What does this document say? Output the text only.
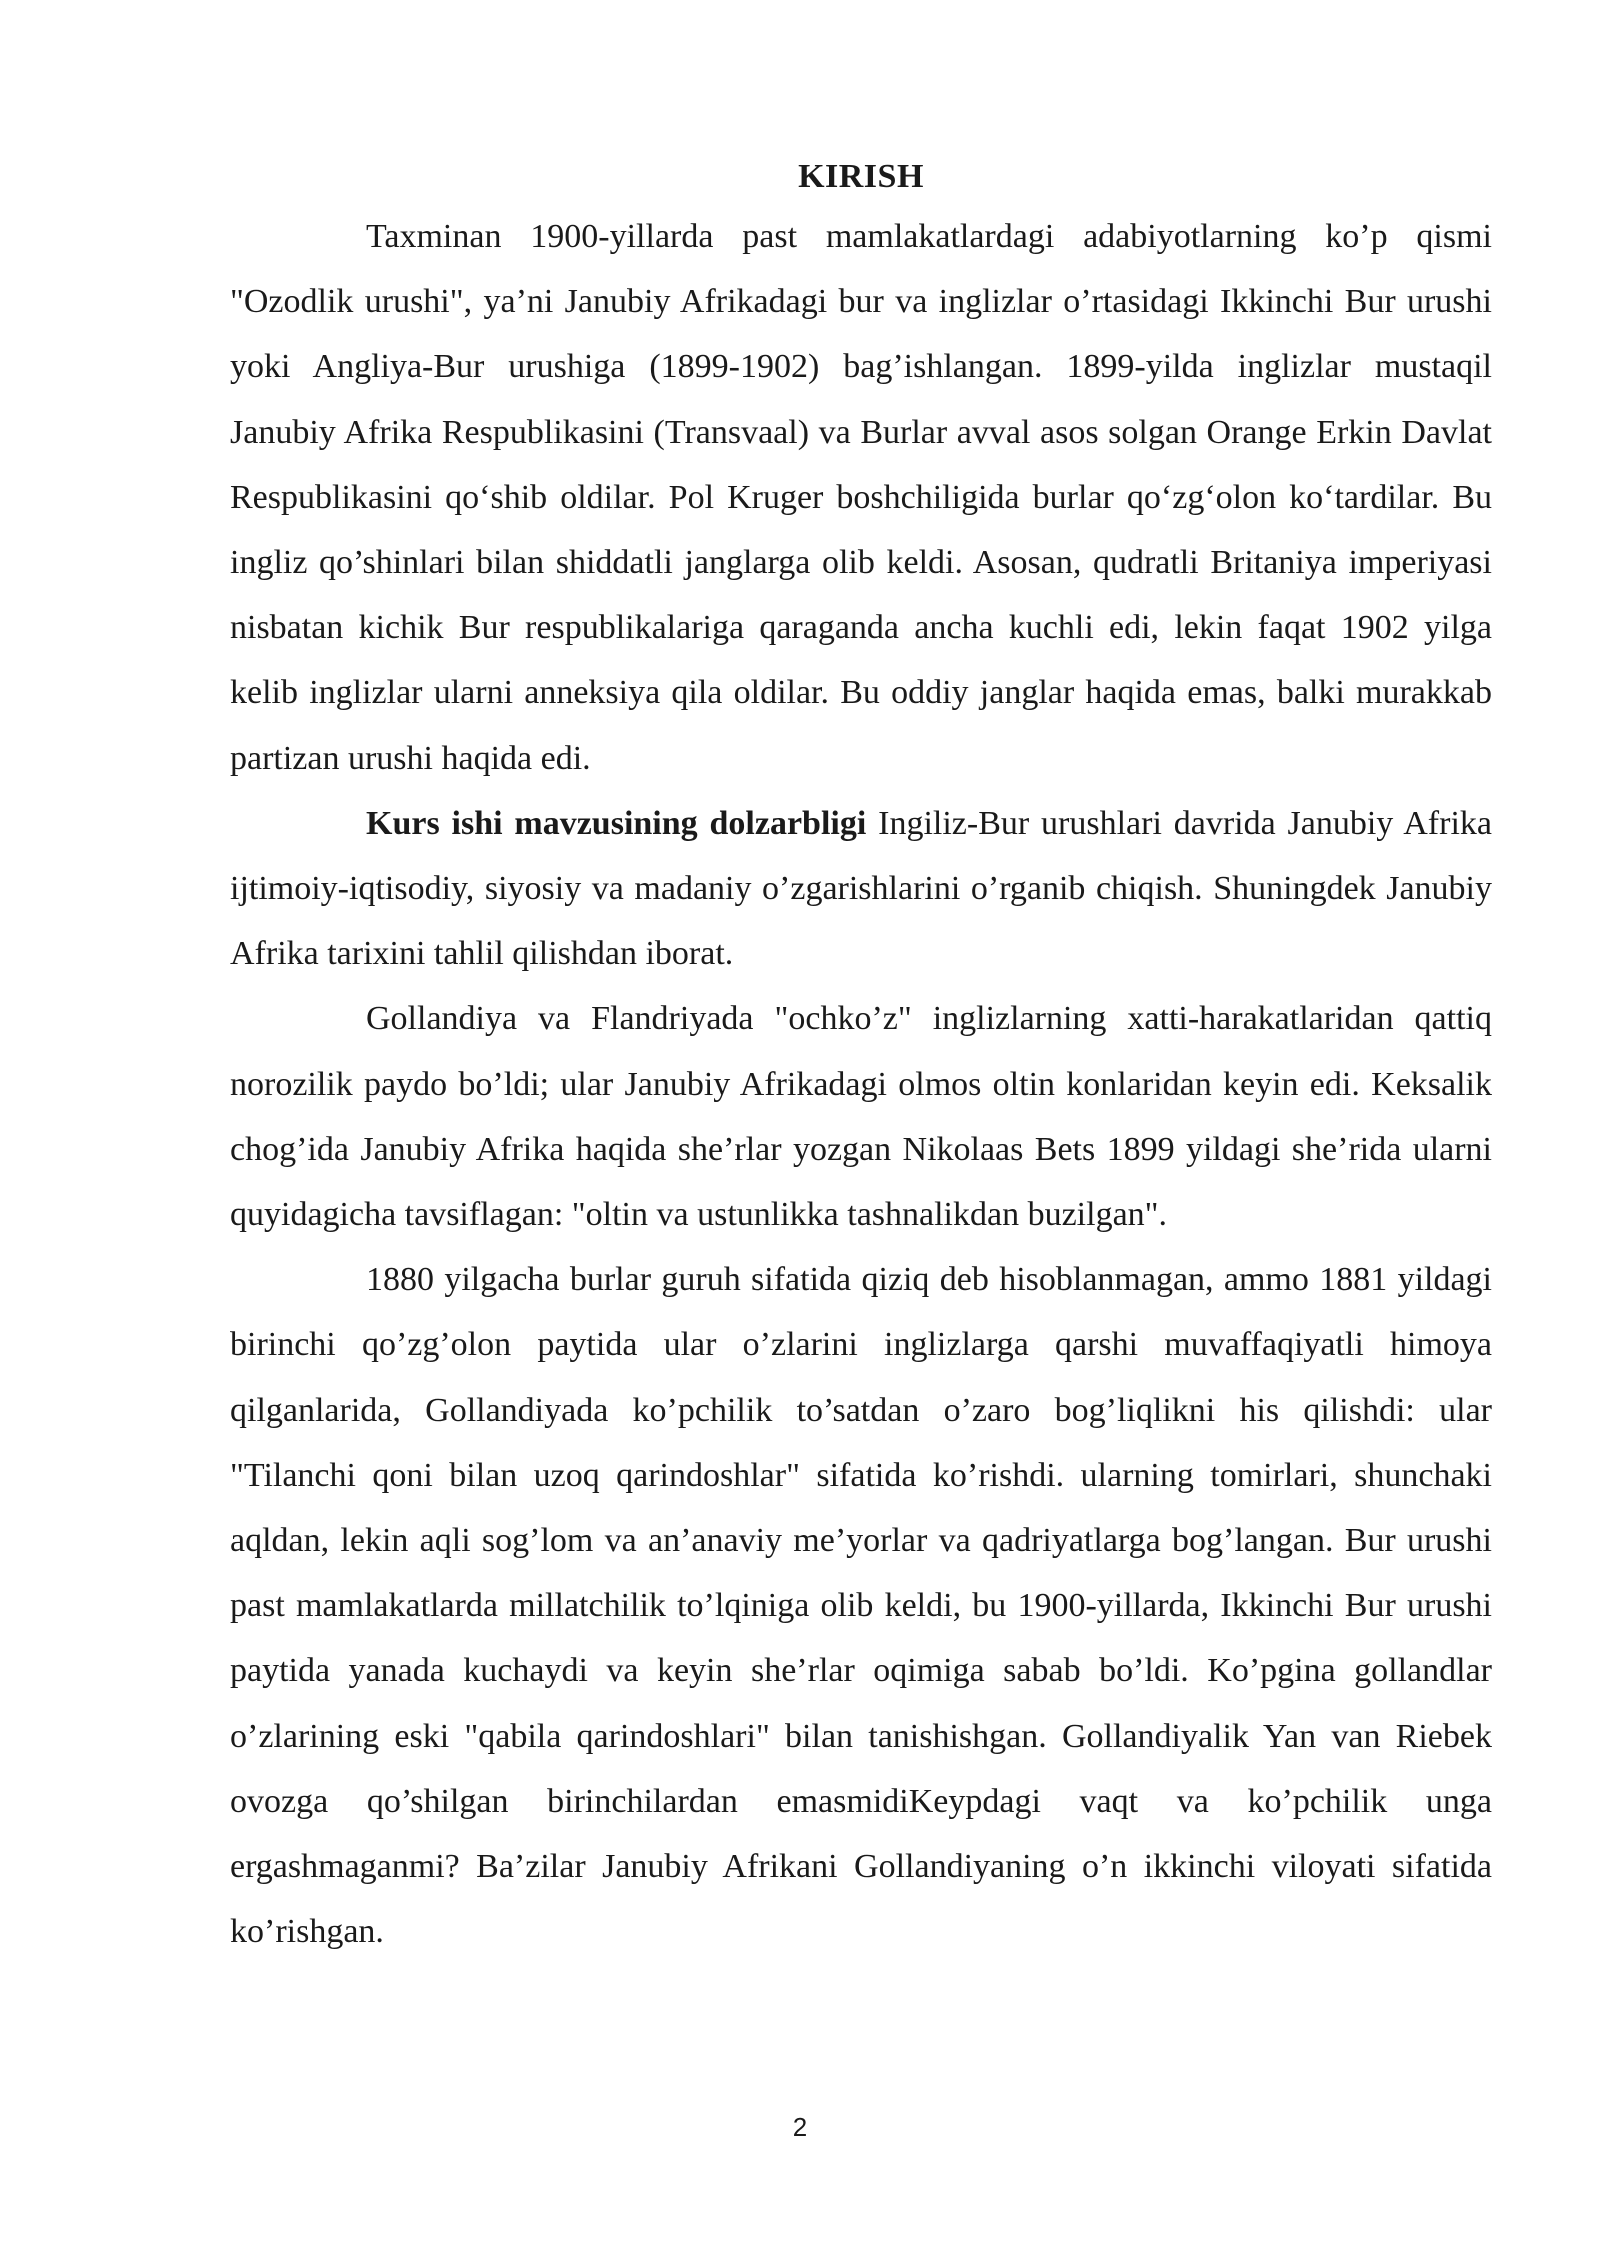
KIRISH

Taxminan 1900-yillarda past mamlakatlardagi adabiyotlarning ko’p qismi "Ozodlik urushi", ya’ni Janubiy Afrikadagi bur va inglizlar o’rtasidagi Ikkinchi Bur urushi yoki Angliya-Bur urushiga (1899-1902) bag’ishlangan. 1899-yilda inglizlar mustaqil Janubiy Afrika Respublikasini (Transvaal) va Burlar avval asos solgan Orange Erkin Davlat Respublikasini qo‘shib oldilar. Pol Kruger boshchiligida burlar qo‘zg‘olon ko‘tardilar. Bu ingliz qo’shinlari bilan shiddatli janglarga olib keldi. Asosan, qudratli Britaniya imperiyasi nisbatan kichik Bur respublikalariga qaraganda ancha kuchli edi, lekin faqat 1902 yilga kelib inglizlar ularni anneksiya qila oldilar. Bu oddiy janglar haqida emas, balki murakkab partizan urushi haqida edi.

Kurs ishi mavzusining dolzarbligi Ingiliz-Bur urushlari davrida Janubiy Afrika ijtimoiy-iqtisodiy, siyosiy va madaniy o’zgarishlarini o’rganib chiqish. Shuningdek Janubiy Afrika tarixini tahlil qilishdan iborat.

Gollandiya va Flandriyada "ochko’z" inglizlarning xatti-harakatlaridan qattiq norozilik paydo bo’ldi; ular Janubiy Afrikadagi olmos oltin konlaridan keyin edi. Keksalik chog’ida Janubiy Afrika haqida she’rlar yozgan Nikolaas Bets 1899 yildagi she’rida ularni quyidagicha tavsiflagan: "oltin va ustunlikka tashnalikdan buzilgan".

1880 yilgacha burlar guruh sifatida qiziq deb hisoblanmagan, ammo 1881 yildagi birinchi qo’zg’olon paytida ular o’zlarini inglizlarga qarshi muvaffaqiyatli himoya qilganlarida, Gollandiyada ko’pchilik to’satdan o’zaro bog’liqlikni his qilishdi: ular "Tilanchi qoni bilan uzoq qarindoshlar" sifatida ko’rishdi. ularning tomirlari, shunchaki aqldan, lekin aqli sog’lom va an’anaviy me’yorlar va qadriyatlarga bog’langan. Bur urushi past mamlakatlarda millatchilik to’lqiniga olib keldi, bu 1900-yillarda, Ikkinchi Bur urushi paytida yanada kuchaydi va keyin she’rlar oqimiga sabab bo’ldi. Ko’pgina gollandlar o’zlarining eski "qabila qarindoshlari" bilan tanishishgan. Gollandiyalik Yan van Riebek ovozga qo’shilgan birinchilardan emasmidiKeypdagi vaqt va ko’pchilik unga ergashmaganmi? Ba’zilar Janubiy Afrikani Gollandiyaning o’n ikkinchi viloyati sifatida ko’rishgan.

2
